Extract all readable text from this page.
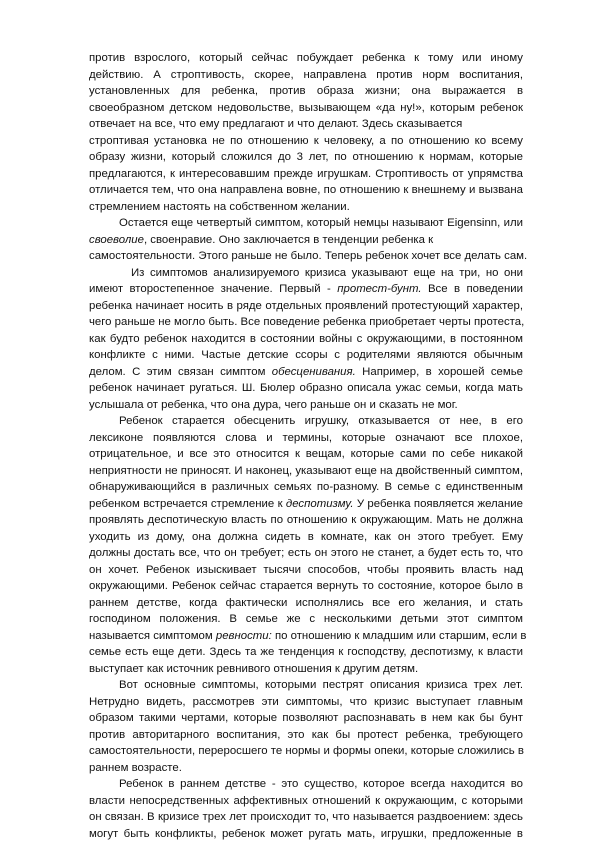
против взрослого, который сейчас побуждает ребенка к тому или иному
действию. А строптивость, скорее, направлена против норм воспитания,
установленных для ребенка, против образа жизни; она выражается в
своеобразном детском недовольстве, вызывающем «да ну!», которым ребенок
отвечает на все, что ему предлагают и что делают. Здесь сказывается
строптивая установка не по отношению к человеку, а по отношению ко всему
образу жизни, который сложился до 3 лет, по отношению к нормам, которые
предлагаются, к интересовавшим прежде игрушкам. Строптивость от упрямства
отличается тем, что она направлена вовне, по отношению к внешнему и вызвана
стремлением настоять на собственном желании.
Остается еще четвертый симптом, который немцы называют Eigensinn, или
своеволие, своенравие. Оно заключается в тенденции ребенка к
самостоятельности. Этого раньше не было. Теперь ребенок хочет все делать сам.
Из симптомов анализируемого кризиса указывают еще на три, но они
имеют второстепенное значение. Первый - протест-бунт. Все в поведении
ребенка начинает носить в ряде отдельных проявлений протестующий характер,
чего раньше не могло быть. Все поведение ребенка приобретает черты протеста,
как будто ребенок находится в состоянии войны с окружающими, в постоянном
конфликте с ними. Частые детские ссоры с родителями являются обычным
делом. С этим связан симптом обесценивания. Например, в хорошей семье
ребенок начинает ругаться. Ш. Бюлер образно описала ужас семьи, когда мать
услышала от ребенка, что она дура, чего раньше он и сказать не мог.
Ребенок старается обесценить игрушку, отказывается от нее, в его
лексиконе появляются слова и термины, которые означают все плохое,
отрицательное, и все это относится к вещам, которые сами по себе никакой
неприятности не приносят. И наконец, указывают еще на двойственный симптом,
обнаруживающийся в различных семьях по-разному. В семье с единственным
ребенком встречается стремление к деспотизму. У ребенка появляется желание
проявлять деспотическую власть по отношению к окружающим. Мать не должна
уходить из дому, она должна сидеть в комнате, как он этого требует. Ему
должны достать все, что он требует; есть он этого не станет, а будет есть то, что
он хочет. Ребенок изыскивает тысячи способов, чтобы проявить власть над
окружающими. Ребенок сейчас старается вернуть то состояние, которое было в
раннем детстве, когда фактически исполнялись все его желания, и стать
господином положения. В семье же с несколькими детьми этот симптом
называется симптомом ревности: по отношению к младшим или старшим, если в
семье есть еще дети. Здесь та же тенденция к господству, деспотизму, к власти
выступает как источник ревнивого отношения к другим детям.
Вот основные симптомы, которыми пестрят описания кризиса трех лет.
Нетрудно видеть, рассмотрев эти симптомы, что кризис выступает главным
образом такими чертами, которые позволяют распознавать в нем как бы бунт
против авторитарного воспитания, это как бы протест ребенка, требующего
самостоятельности, переросшего те нормы и формы опеки, которые сложились в
раннем возрасте.
Ребенок в раннем детстве - это существо, которое всегда находится во
власти непосредственных аффективных отношений к окружающим, с которыми
он связан. В кризисе трех лет происходит то, что называется раздвоением: здесь
могут быть конфликты, ребенок может ругать мать, игрушки, предложенные в
